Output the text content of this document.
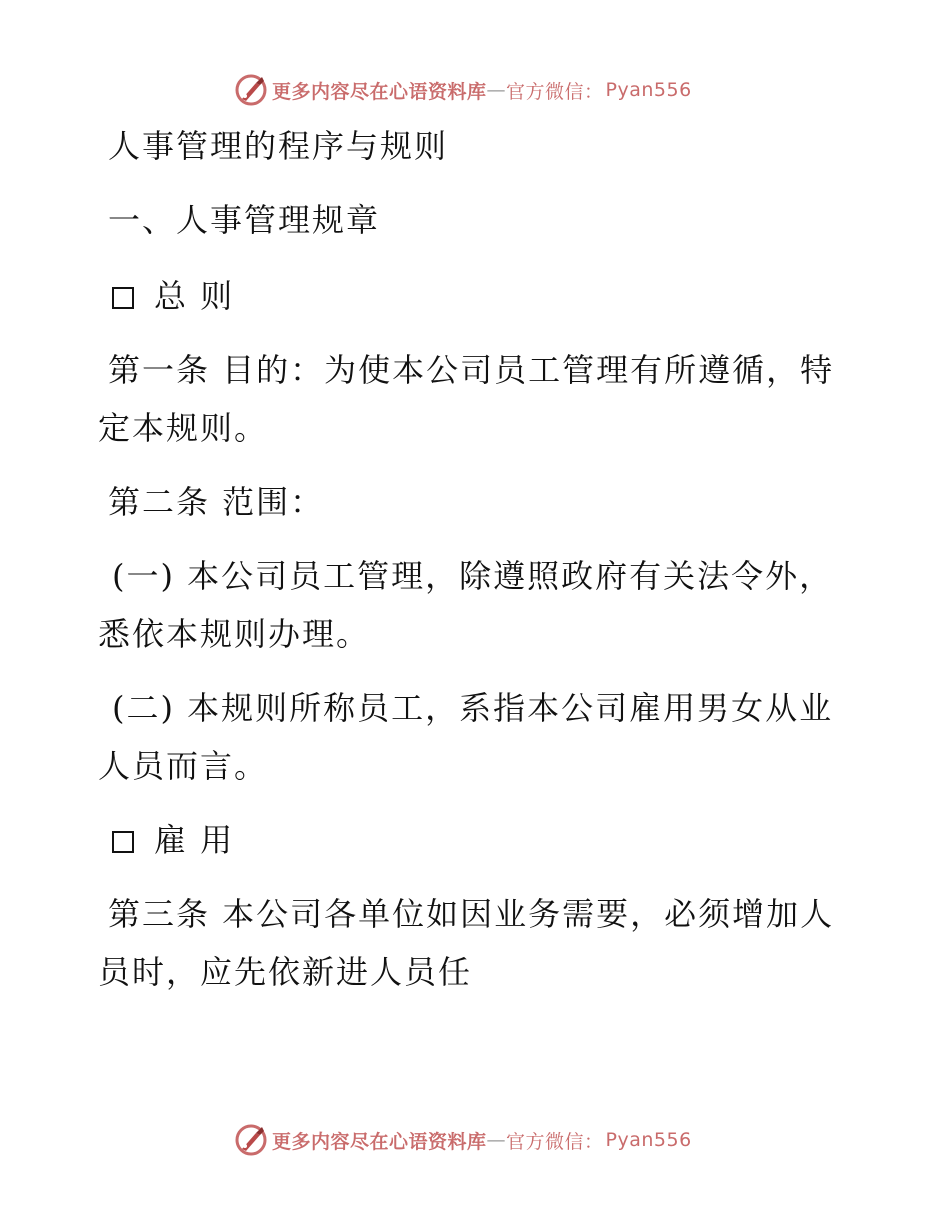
更多内容尽在心语资料库 — 官方微信： Pyan556
人事管理的程序与规则
一、人事管理规章
总 则
第一条 目的：为使本公司员工管理有所遵循，特
定本规则。
第二条 范围：
(一) 本公司员工管理，除遵照政府有关法令外，
悉依本规则办理。
(二) 本规则所称员工，系指本公司雇用男女从业
人员而言。
雇 用
第三条 本公司各单位如因业务需要，必须增加人
员时，应先依新进人员任
更多内容尽在心语资料库 — 官方微信： Pyan556
